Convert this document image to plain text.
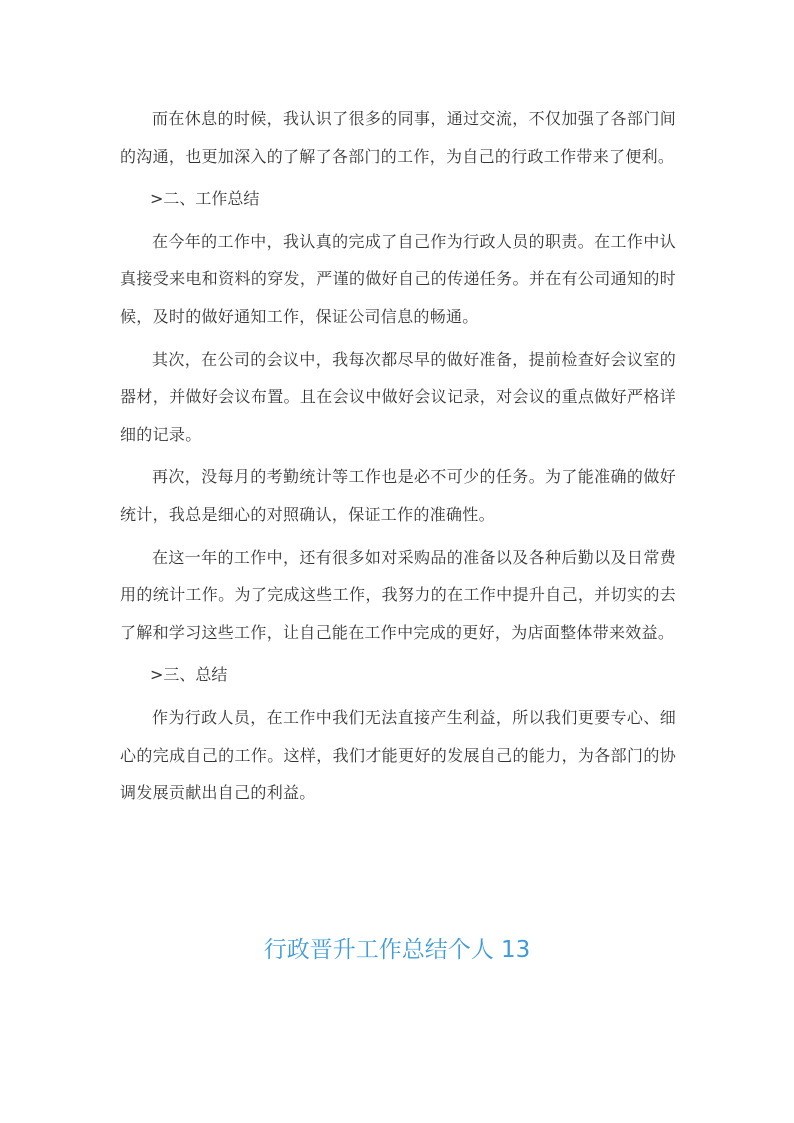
而在休息的时候，我认识了很多的同事，通过交流，不仅加强了各部门间的沟通，也更加深入的了解了各部门的工作，为自己的行政工作带来了便利。

>二、工作总结

在今年的工作中，我认真的完成了自己作为行政人员的职责。在工作中认真接受来电和资料的穿发，严谨的做好自己的传递任务。并在有公司通知的时候，及时的做好通知工作，保证公司信息的畅通。

其次，在公司的会议中，我每次都尽早的做好准备，提前检查好会议室的器材，并做好会议布置。且在会议中做好会议记录，对会议的重点做好严格详细的记录。

再次，没每月的考勤统计等工作也是必不可少的任务。为了能准确的做好统计，我总是细心的对照确认，保证工作的准确性。

在这一年的工作中，还有很多如对采购品的准备以及各种后勤以及日常费用的统计工作。为了完成这些工作，我努力的在工作中提升自己，并切实的去了解和学习这些工作，让自己能在工作中完成的更好，为店面整体带来效益。

>三、总结

作为行政人员，在工作中我们无法直接产生利益，所以我们更要专心、细心的完成自己的工作。这样，我们才能更好的发展自己的能力，为各部门的协调发展贡献出自己的利益。

行政晋升工作总结个人 13
